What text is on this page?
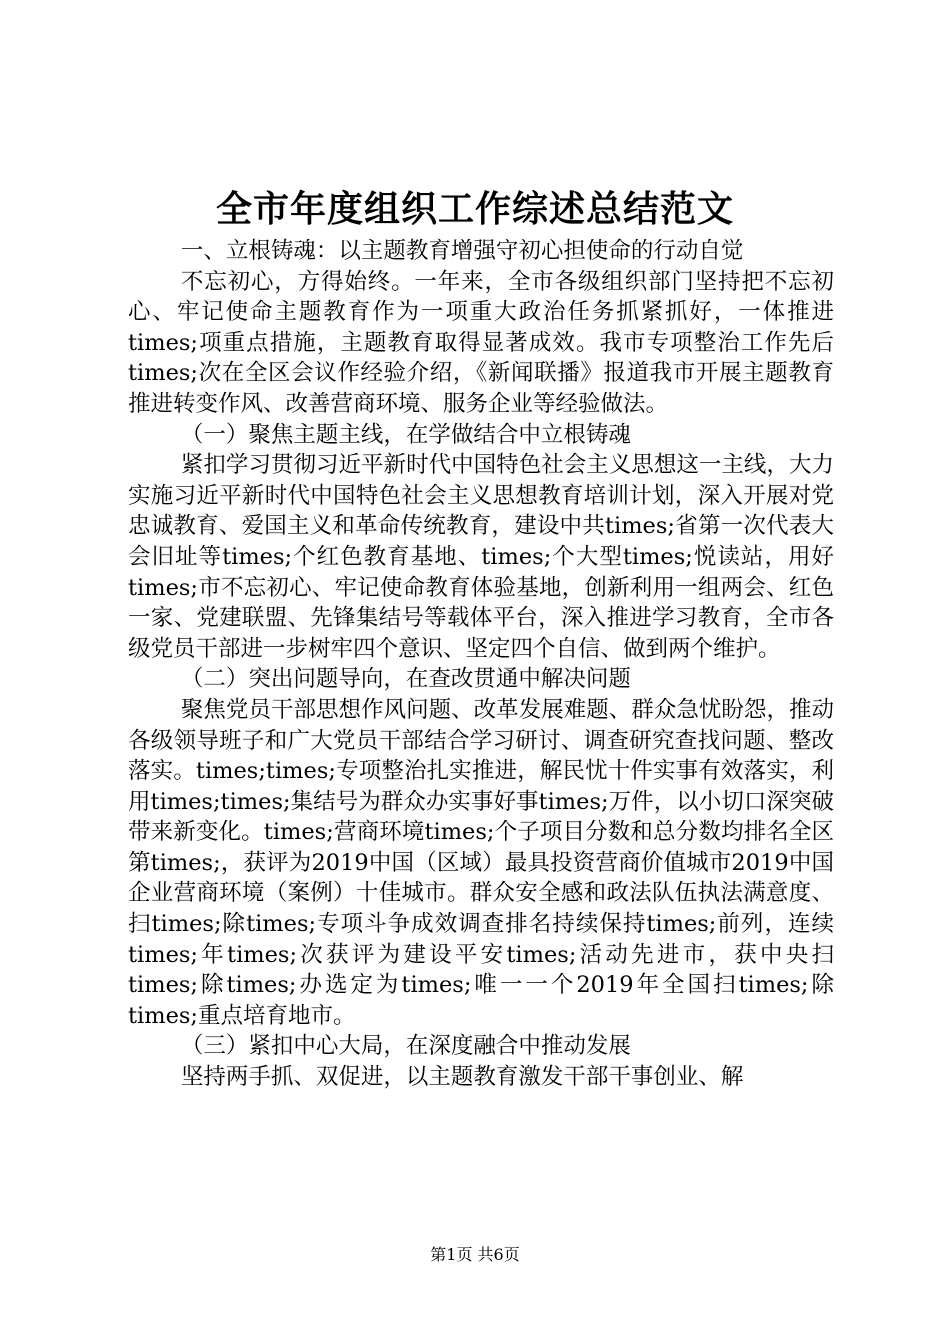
全市年度组织工作综述总结范文

一、立根铸魂：以主题教育增强守初心担使命的行动自觉

不忘初心，方得始终。一年来，全市各级组织部门坚持把不忘初心、牢记使命主题教育作为一项重大政治任务抓紧抓好，一体推进times;项重点措施，主题教育取得显著成效。我市专项整治工作先后times;次在全区会议作经验介绍，《新闻联播》报道我市开展主题教育推进转变作风、改善营商环境、服务企业等经验做法。

（一）聚焦主题主线，在学做结合中立根铸魂

紧扣学习贯彻习近平新时代中国特色社会主义思想这一主线，大力实施习近平新时代中国特色社会主义思想教育培训计划，深入开展对党忠诚教育、爱国主义和革命传统教育，建设中共times;省第一次代表大会旧址等times;个红色教育基地、times;个大型times;悦读站，用好times;市不忘初心、牢记使命教育体验基地，创新利用一组两会、红色一家、党建联盟、先锋集结号等载体平台，深入推进学习教育，全市各级党员干部进一步树牢四个意识、坚定四个自信、做到两个维护。

（二）突出问题导向，在查改贯通中解决问题

聚焦党员干部思想作风问题、改革发展难题、群众急忧盼怨，推动各级领导班子和广大党员干部结合学习研讨、调查研究查找问题、整改落实。times;times;专项整治扎实推进，解民忧十件实事有效落实，利用times;times;集结号为群众办实事好事times;万件，以小切口深突破带来新变化。times;营商环境times;个子项目分数和总分数均排名全区第times;，获评为2019中国（区域）最具投资营商价值城市2019中国企业营商环境（案例）十佳城市。群众安全感和政法队伍执法满意度、扫times;除times;专项斗争成效调查排名持续保持times;前列，连续times;年times;次获评为建设平安times;活动先进市，获中央扫times;除times;办选定为times;唯一一个2019年全国扫times;除times;重点培育地市。

（三）紧扣中心大局，在深度融合中推动发展

坚持两手抓、双促进，以主题教育激发干部干事创业、解

第1页 共6页
